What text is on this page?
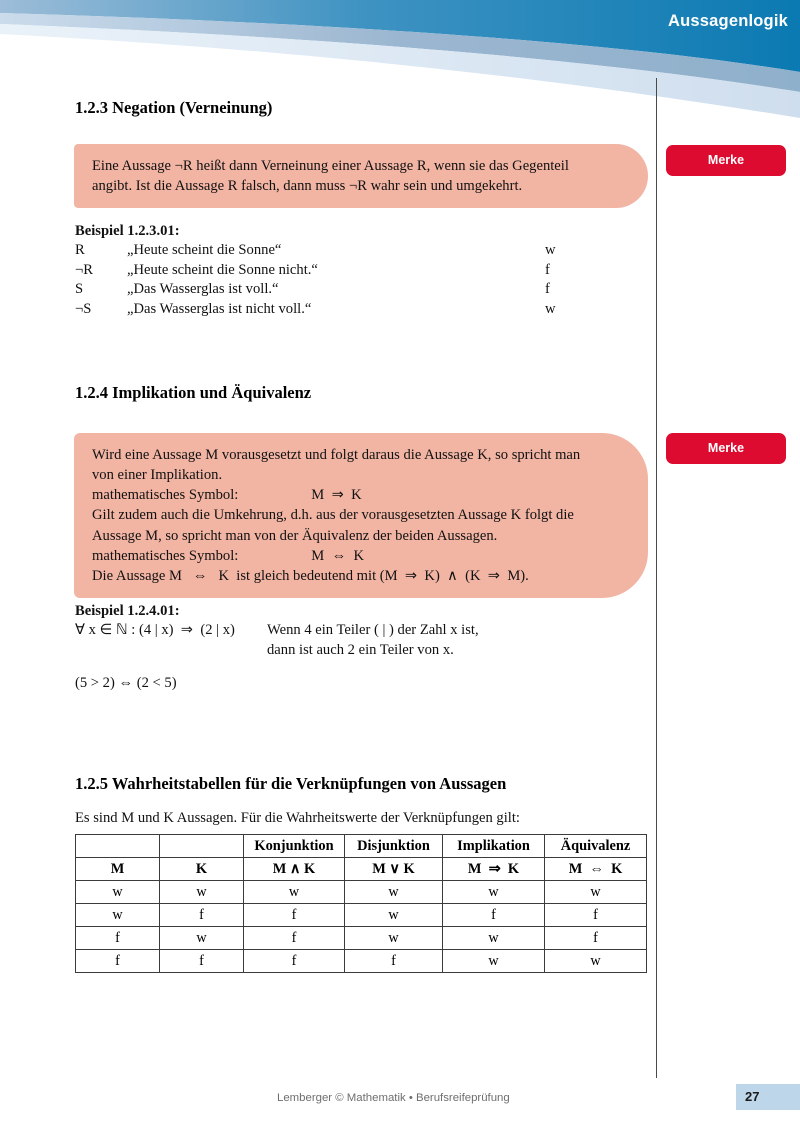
Aussagenlogik
1.2.3 Negation (Verneinung)
Eine Aussage ¬R heißt dann Verneinung einer Aussage R, wenn sie das Gegenteil
angibt. Ist die Aussage R falsch, dann muss ¬R wahr sein und umgekehrt.
Merke
Beispiel 1.2.3.01:
R	„Heute scheint die Sonne“		w
¬R	„Heute scheint die Sonne nicht.“		f
S	„Das Wasserglas ist voll.“		f
¬S	„Das Wasserglas ist nicht voll.“		w
1.2.4 Implikation und Äquivalenz
Wird eine Aussage M vorausgesetzt und folgt daraus die Aussage K, so spricht man
von einer Implikation.
mathematisches Symbol:                    M  ⇒  K
Gilt zudem auch die Umkehrung, d.h. aus der vorausgesetzten Aussage K folgt die
Aussage M, so spricht man von der Äquivalenz der beiden Aussagen.
mathematisches Symbol:                    M  ⇔  K
Die Aussage M   ⇔   K  ist gleich bedeutend mit (M  ⇒  K)  ∧  (K  ⇒  M).
Merke
Beispiel 1.2.4.01:
∀ x ∈ ℕ : (4 | x)  ⇒  (2 | x)	Wenn 4 ein Teiler ( | ) der Zahl x ist,
	dann ist auch 2 ein Teiler von x.

(5 > 2) ⇔ (2 < 5)	
1.2.5 Wahrheitstabellen für die Verknüpfungen von Aussagen
Es sind M und K Aussagen. Für die Wahrheitswerte der Verknüpfungen gilt:
		Konjunktion	Disjunktion	Implikation	Äquivalenz
M	K	M ∧ K	M ∨ K	M  ⇒  K	M  ⇔  K
w	w	w	w	w	w
w	f	f	w	f	f
f	w	f	w	w	f
f	f	f	f	w	w
Lemberger © Mathematik • Berufsreifeprüfung	27
